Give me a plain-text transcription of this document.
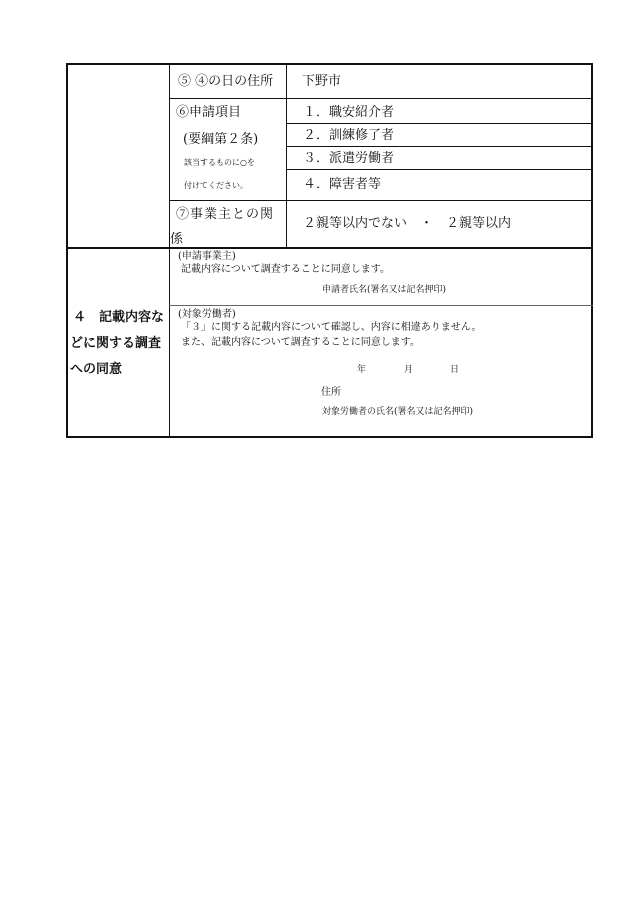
⑤ ④の日の住所 下野市
⑥申請項目
(要綱第２条)
該当するものに○を
付けてください。
１．職安紹介者
２．訓練修了者
３．派遣労働者
４．障害者等
⑦事業主との関
係
２親等以内でない　・　２親等以内
４　記載内容な
どに関する調査
への同意
(申請事業主)
記載内容について調査することに同意します。
申請者氏名(署名又は記名押印)
(対象労働者)
「３」に関する記載内容について確認し、内容に相違ありません。
また、記載内容について調査することに同意します。
年	月	日
住所
対象労働者の氏名(署名又は記名押印)
